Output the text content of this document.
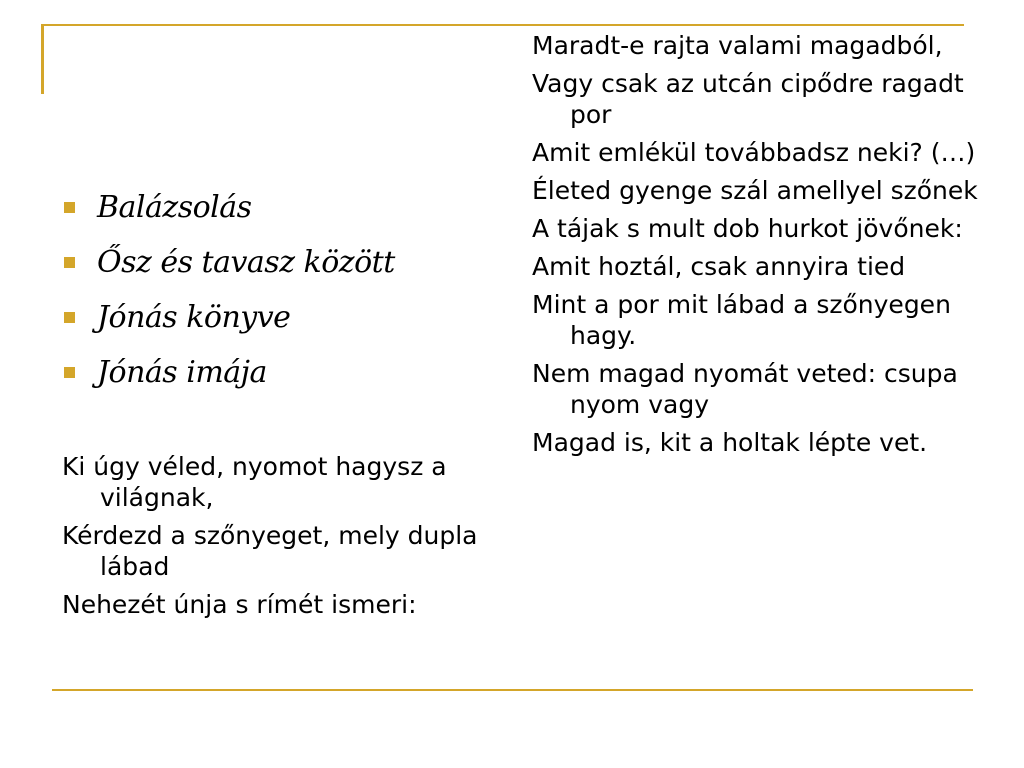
Balázsolás
Ősz és tavasz között
Jónás könyve
Jónás imája
Ki úgy véled, nyomot hagysz a világnak,
Kérdezd a szőnyeget, mely dupla lábad
Nehezét únja s rímét ismeri:
Maradt-e rajta valami magadból,
Vagy csak az utcán cipődre ragadt por
Amit emlékül továbbadsz neki? (…)
Életed gyenge szál amellyel szőnek
A tájak s mult dob hurkot jövőnek:
Amit hoztál, csak annyira tied
Mint a por mit lábad a szőnyegen hagy.
Nem magad nyomát veted: csupa nyom vagy
Magad is, kit a holtak lépte vet.
